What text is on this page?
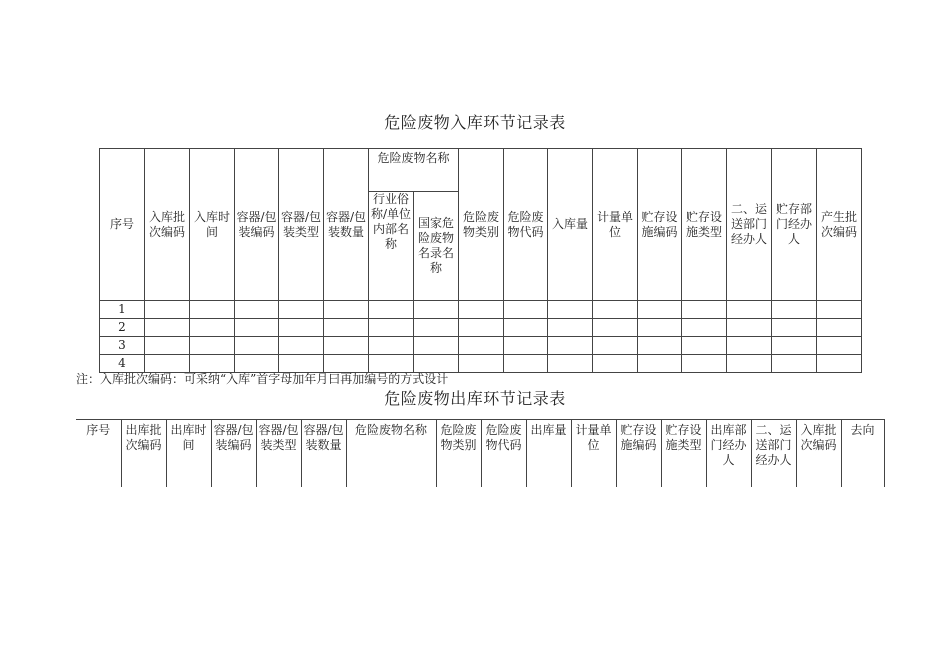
危险废物入库环节记录表
序号	入库批次编码	入库时间	容器/包装编码	容器/包装类型	容器/包装数量	危险废物名称		危险废物类别	危险废物代码	入库量	计量单位	贮存设施编码	贮存设施类型	二、运送部门经办人	贮存部门经办人	产生批次编码
						行业俗称/单位内部名称	国家危险废物名录名称									
1																
2																
3																
4																
注：入库批次编码：可采纳“入库”首字母加年月曰再加编号的方式设计
危险废物出库环节记录表
序号	出库批次编码	出库时间	容器/包装编码	容器/包装类型	容器/包装数量	危险废物名称	危险废物类别	危险废物代码	出库量	计量单位	贮存设施编码	贮存设施类型	出库部门经办人	二、运送部门经办人	入库批次编码	去向
